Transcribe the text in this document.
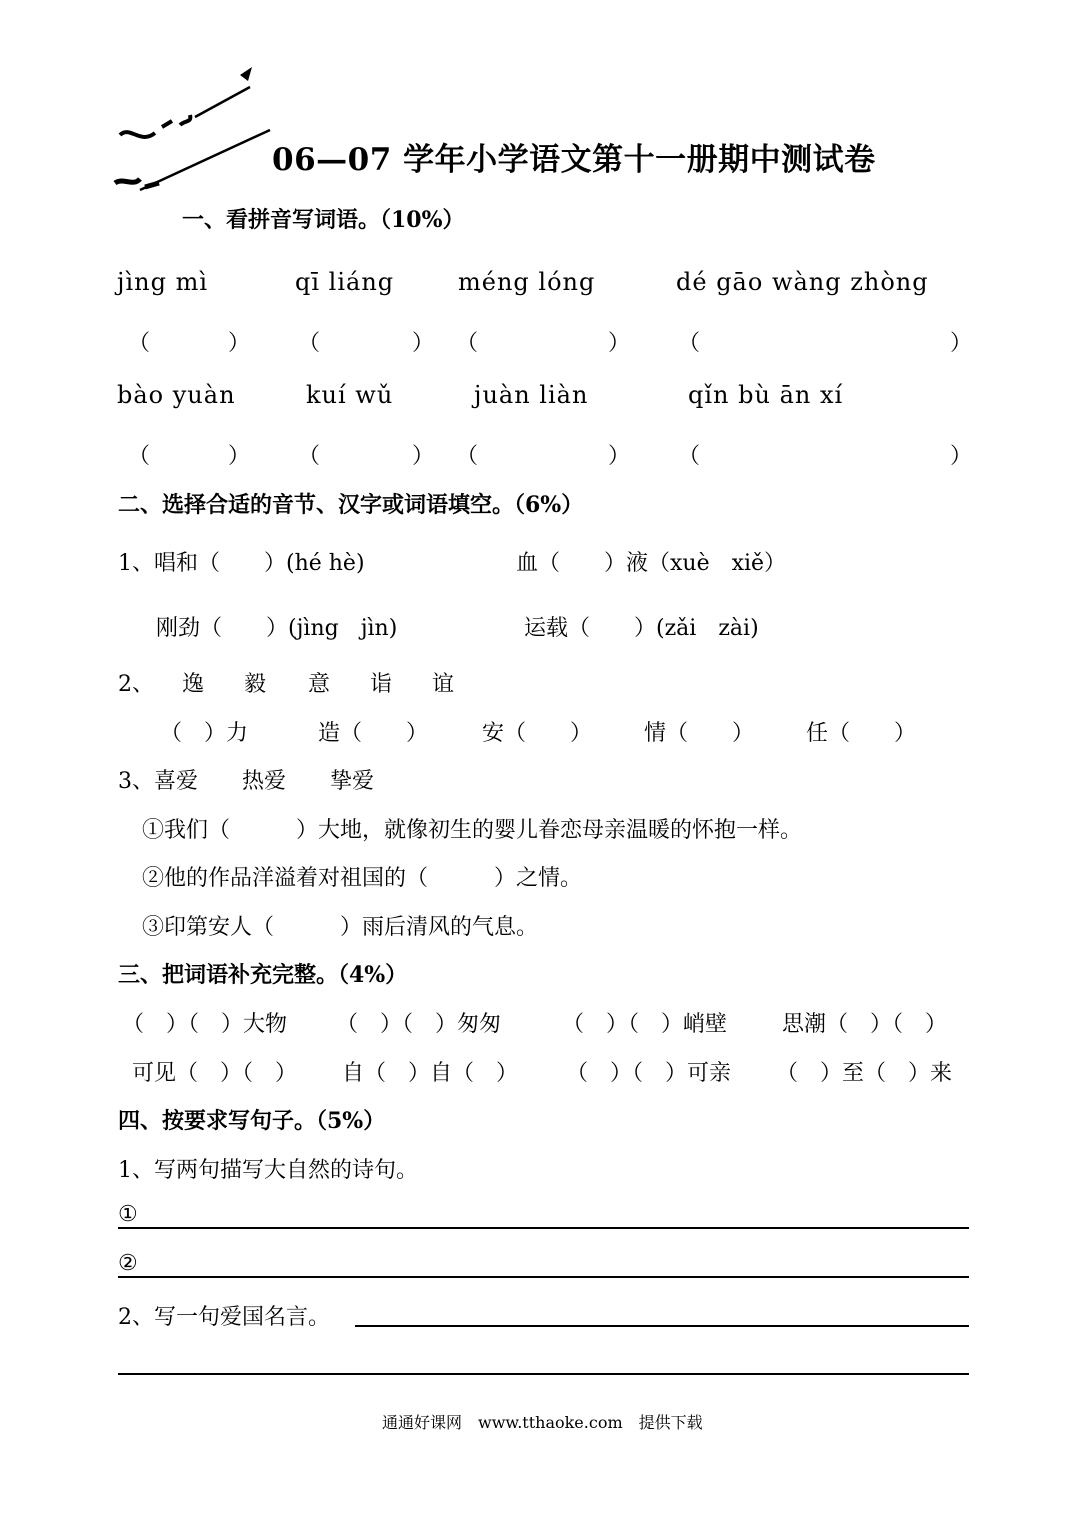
06—07 学年小学语文第十一册期中测试卷
一、看拼音写词语。（10%）
jìng mì	qī liáng	méng lóng	dé gāo wàng zhòng
（	） （	） （	） （	）
bào yuàn	kuí wǔ	juàn liàn	qǐn bù ān xí
（	） （	） （	） （	）
二、选择合适的音节、汉字或词语填空。（6%）
1、唱和（　　）(hé hè)	血（　　）液（xuè　xiě）
刚劲（　　）(jìng　jìn)	运载（　　）(zǎi　zài)
2、 逸 毅 意 诣 谊
（　）力	造（　　） 安（　　） 情（　　） 任（　　）
3、喜爱　　热爱　　挚爱
①我们（　　　）大地，就像初生的婴儿眷恋母亲温暖的怀抱一样。
②他的作品洋溢着对祖国的（　　　）之情。
③印第安人（　　　）雨后清风的气息。
三、把词语补充完整。（4%）
（　）（　）大物 （　）（　）匆匆	（　）（　）峭壁 思潮（　）（　）
可见（　）（　） 自（　）自（　） （　）（　）可亲 （　）至（　）来
四、按要求写句子。（5%）
1、写两句描写大自然的诗句。
①
②
2、写一句爱国名言。
通通好课网　www.tthaoke.com　提供下载
